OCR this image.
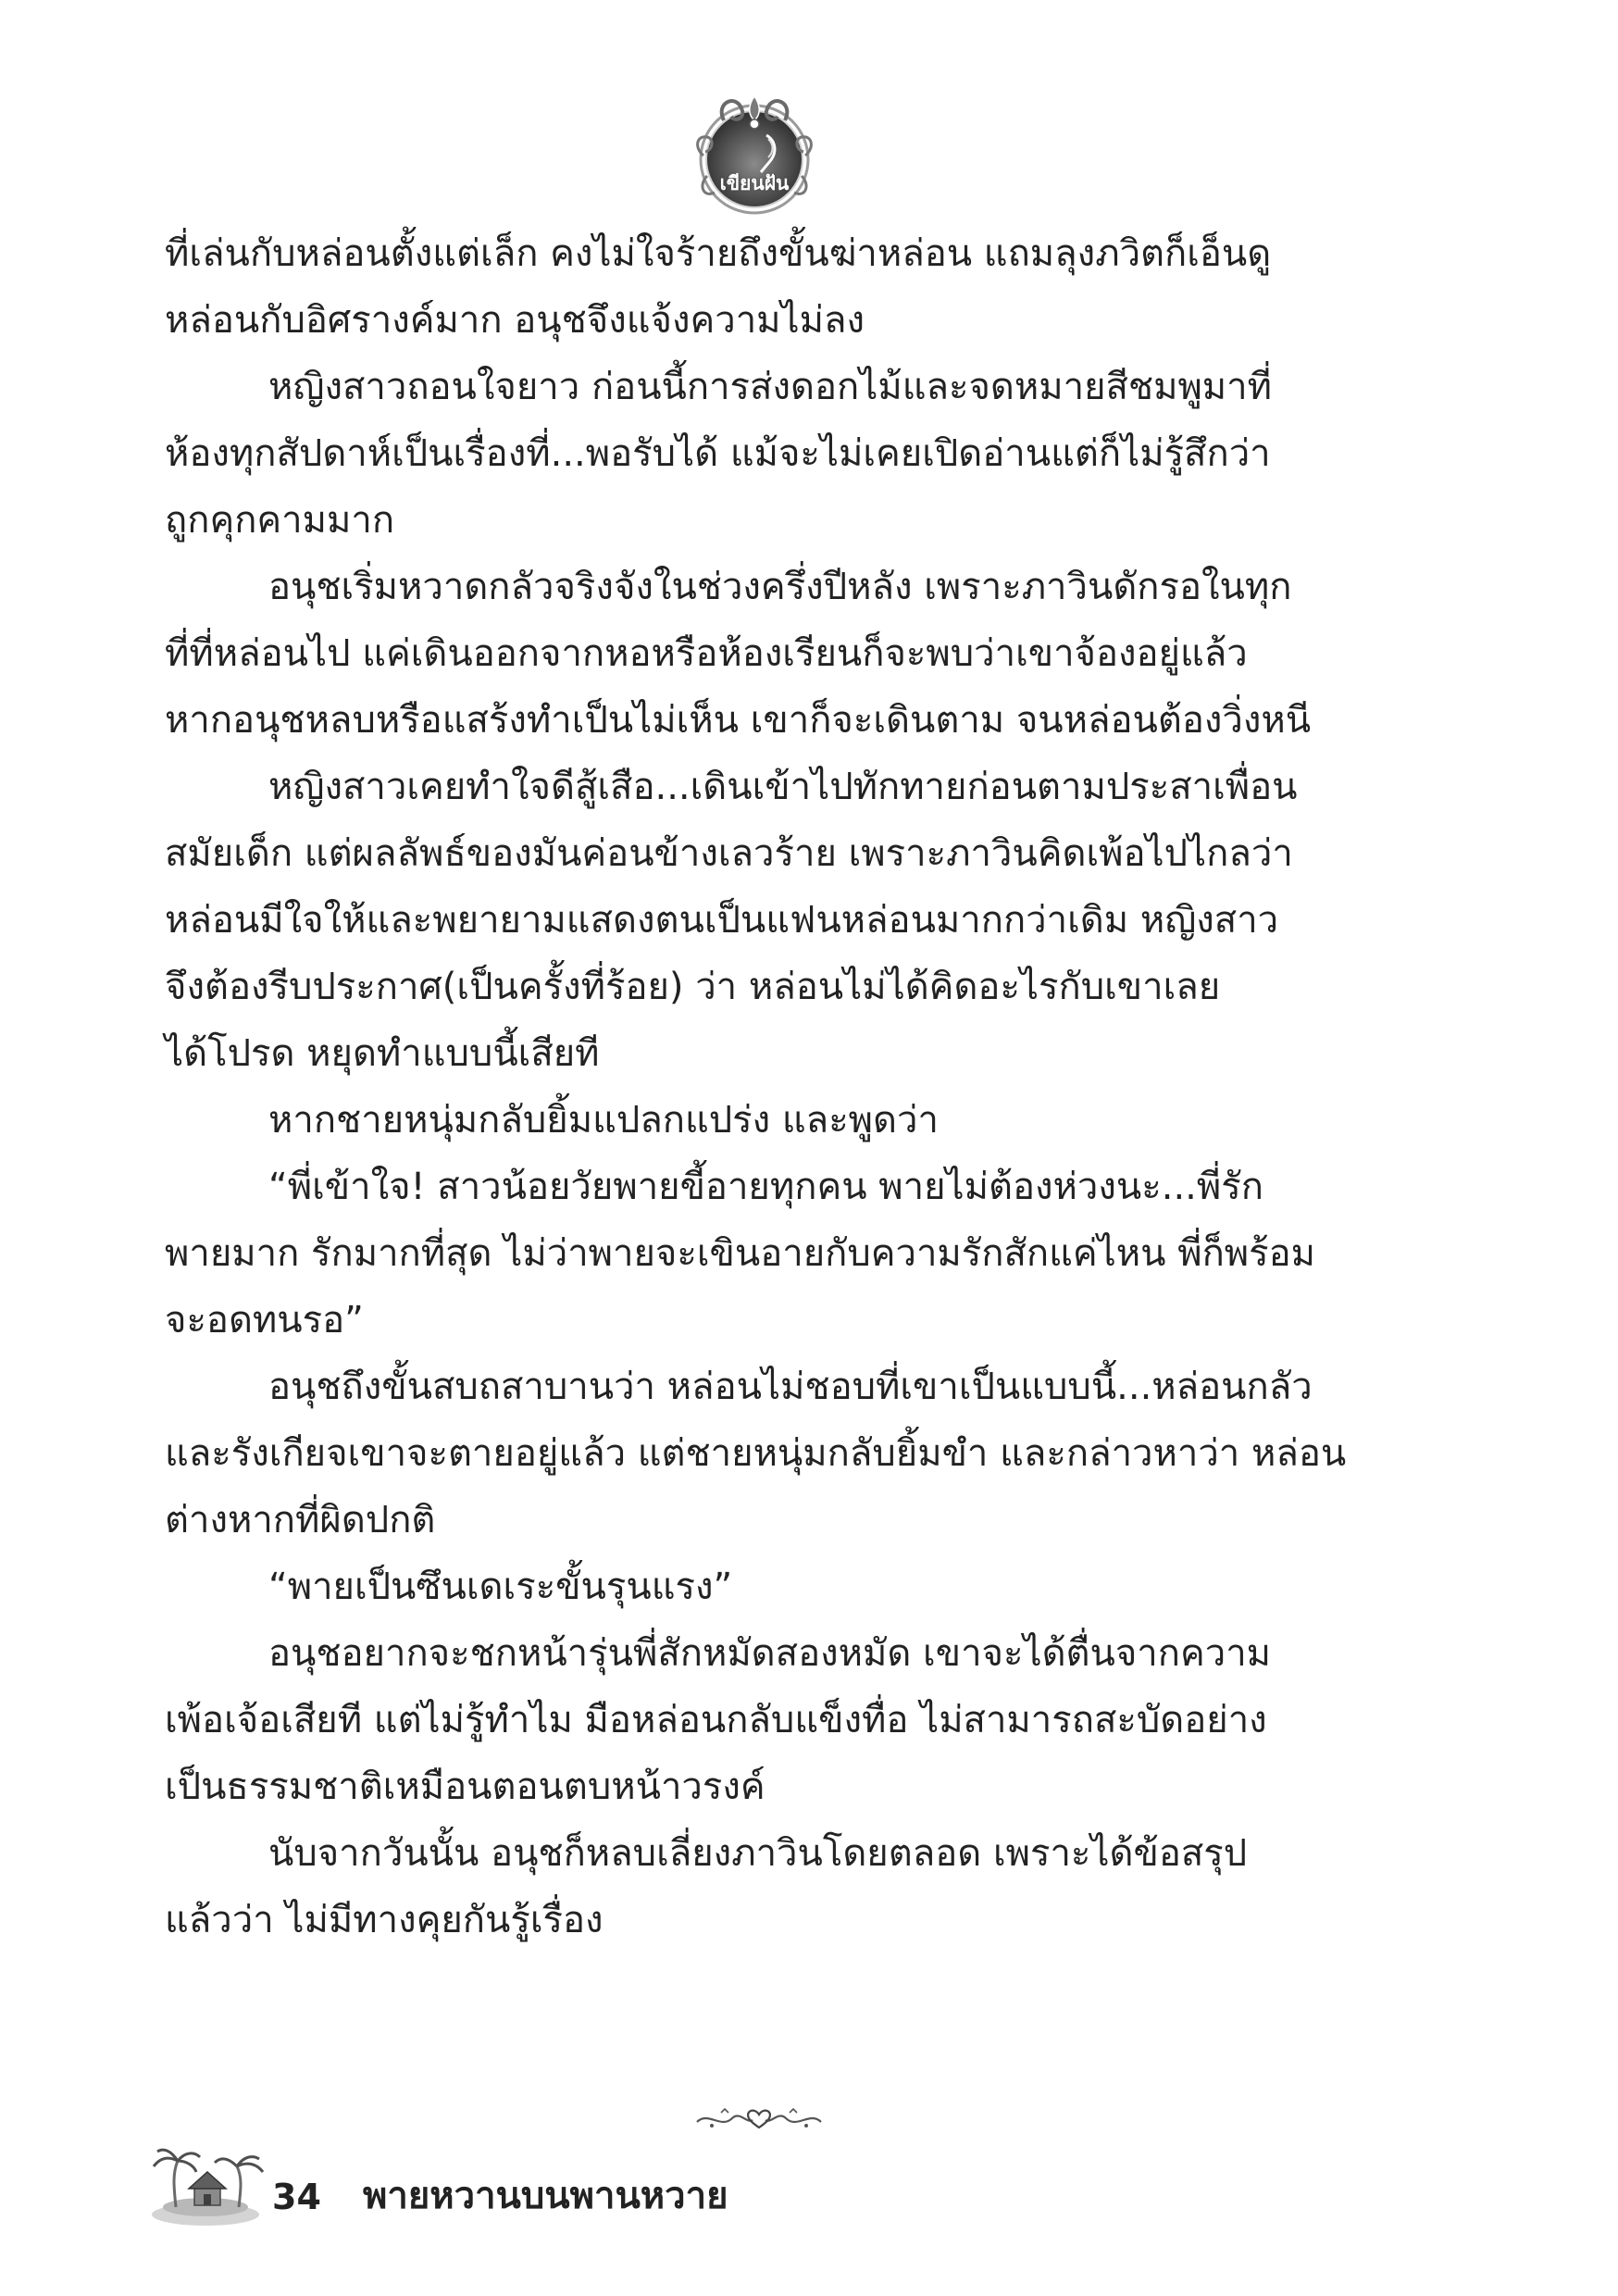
เขียนฝัน
ที่เล่นกับหล่อนตั้งแต่เล็ก คงไม่ใจร้ายถึงขั้นฆ่าหล่อน แถมลุงภวิตก็เอ็นดู
หล่อนกับอิศรางค์มาก อนุชจึงแจ้งความไม่ลง
หญิงสาวถอนใจยาว ก่อนนี้การส่งดอกไม้และจดหมายสีชมพูมาที่
ห้องทุกสัปดาห์เป็นเรื่องที่...พอรับได้ แม้จะไม่เคยเปิดอ่านแต่ก็ไม่รู้สึกว่า
ถูกคุกคามมาก
อนุชเริ่มหวาดกลัวจริงจังในช่วงครึ่งปีหลัง เพราะภาวินดักรอในทุก
ที่ที่หล่อนไป แค่เดินออกจากหอหรือห้องเรียนก็จะพบว่าเขาจ้องอยู่แล้ว
หากอนุชหลบหรือแสร้งทำเป็นไม่เห็น เขาก็จะเดินตาม จนหล่อนต้องวิ่งหนี
หญิงสาวเคยทำใจดีสู้เสือ...เดินเข้าไปทักทายก่อนตามประสาเพื่อน
สมัยเด็ก แต่ผลลัพธ์ของมันค่อนข้างเลวร้าย เพราะภาวินคิดเพ้อไปไกลว่า
หล่อนมีใจให้และพยายามแสดงตนเป็นแฟนหล่อนมากกว่าเดิม หญิงสาว
จึงต้องรีบประกาศ(เป็นครั้งที่ร้อย) ว่า หล่อนไม่ได้คิดอะไรกับเขาเลย
ได้โปรด หยุดทำแบบนี้เสียที
หากชายหนุ่มกลับยิ้มแปลกแปร่ง และพูดว่า
“พี่เข้าใจ! สาวน้อยวัยพายขี้อายทุกคน พายไม่ต้องห่วงนะ...พี่รัก
พายมาก รักมากที่สุด ไม่ว่าพายจะเขินอายกับความรักสักแค่ไหน พี่ก็พร้อม
จะอดทนรอ”
อนุชถึงขั้นสบถสาบานว่า หล่อนไม่ชอบที่เขาเป็นแบบนี้...หล่อนกลัว
และรังเกียจเขาจะตายอยู่แล้ว แต่ชายหนุ่มกลับยิ้มขำ และกล่าวหาว่า หล่อน
ต่างหากที่ผิดปกติ
“พายเป็นซึนเดเระขั้นรุนแรง”
อนุชอยากจะชกหน้ารุ่นพี่สักหมัดสองหมัด เขาจะได้ตื่นจากความ
เพ้อเจ้อเสียที แต่ไม่รู้ทำไม มือหล่อนกลับแข็งทื่อ ไม่สามารถสะบัดอย่าง
เป็นธรรมชาติเหมือนตอนตบหน้าวรงค์
นับจากวันนั้น อนุชก็หลบเลี่ยงภาวินโดยตลอด เพราะได้ข้อสรุป
แล้วว่า ไม่มีทางคุยกันรู้เรื่อง
34 พายหวานบนพานหวาย
